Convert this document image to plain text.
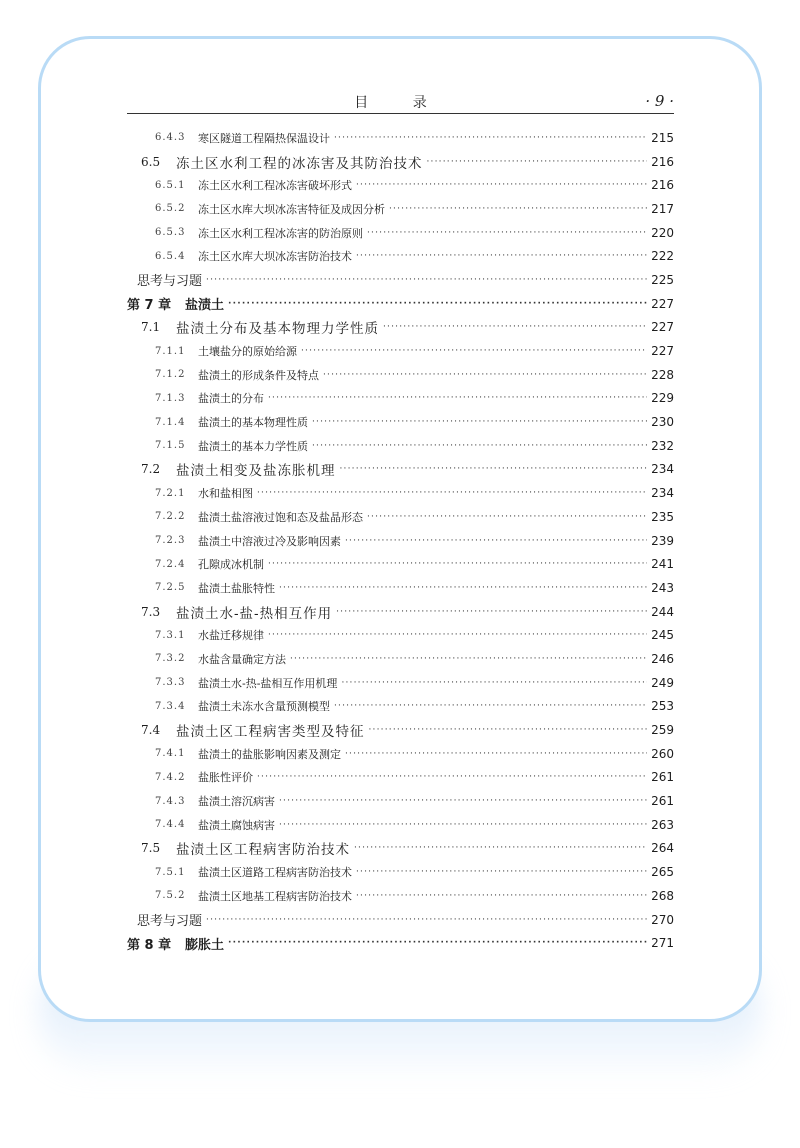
目 录	· 9 ·
6.4.3	寒区隧道工程隔热保温设计 ·····	215
6.5	冻土区水利工程的冰冻害及其防治技术 ·····	216
6.5.1	冻土区水利工程冰冻害破坏形式 ·····	216
6.5.2	冻土区水库大坝冰冻害特征及成因分析 ·····	217
6.5.3	冻土区水利工程冰冻害的防治原则 ·····	220
6.5.4	冻土区水库大坝冰冻害防治技术 ·····	222
思考与习题 ·····	225
第 7 章	盐渍土 ·····	227
7.1	盐渍土分布及基本物理力学性质 ·····	227
7.1.1	土壤盐分的原始给源 ·····	227
7.1.2	盐渍土的形成条件及特点 ·····	228
7.1.3	盐渍土的分布 ·····	229
7.1.4	盐渍土的基本物理性质 ·····	230
7.1.5	盐渍土的基本力学性质 ·····	232
7.2	盐渍土相变及盐冻胀机理 ·····	234
7.2.1	水和盐相图 ·····	234
7.2.2	盐渍土盐溶液过饱和态及盐晶形态 ·····	235
7.2.3	盐渍土中溶液过冷及影响因素 ·····	239
7.2.4	孔隙成冰机制 ·····	241
7.2.5	盐渍土盐胀特性 ·····	243
7.3	盐渍土水-盐-热相互作用 ·····	244
7.3.1	水盐迁移规律 ·····	245
7.3.2	水盐含量确定方法 ·····	246
7.3.3	盐渍土水-热-盐相互作用机理 ·····	249
7.3.4	盐渍土未冻水含量预测模型 ·····	253
7.4	盐渍土区工程病害类型及特征 ·····	259
7.4.1	盐渍土的盐胀影响因素及测定 ·····	260
7.4.2	盐胀性评价 ·····	261
7.4.3	盐渍土溶沉病害 ·····	261
7.4.4	盐渍土腐蚀病害 ·····	263
7.5	盐渍土区工程病害防治技术 ·····	264
7.5.1	盐渍土区道路工程病害防治技术 ·····	265
7.5.2	盐渍土区地基工程病害防治技术 ·····	268
思考与习题 ·····	270
第 8 章	膨胀土 ·····	271
